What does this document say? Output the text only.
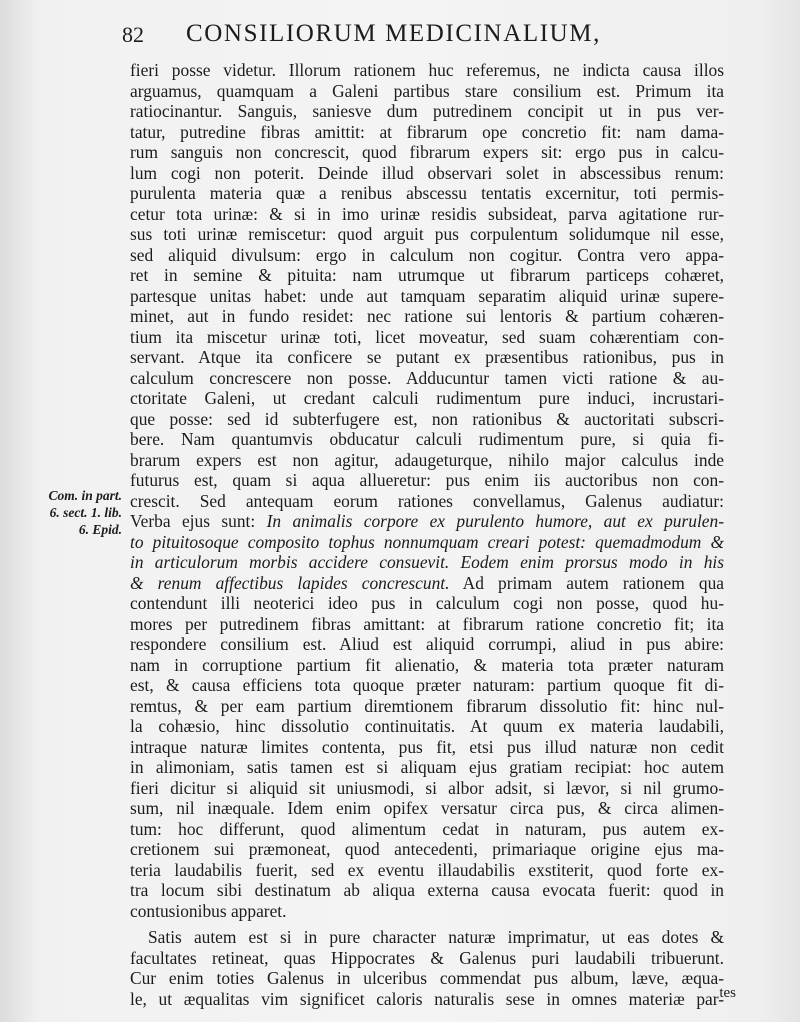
82 CONSILIORUM MEDICINALIUM,
Com. in part.
6. sect. 1. lib.
6. Epid.
fieri posse videtur. Illorum rationem huc referemus, ne indicta causa illos
arguamus, quamquam a Galeni partibus stare consilium est. Primum ita
ratiocinantur. Sanguis, saniesve dum putredinem concipit ut in pus ver-
tatur, putredine fibras amittit: at fibrarum ope concretio fit: nam dama-
rum sanguis non concrescit, quod fibrarum expers sit: ergo pus in calcu-
lum cogi non poterit. Deinde illud observari solet in abscessibus renum:
purulenta materia quæ a renibus abscessu tentatis excernitur, toti permis-
cetur tota urinæ: & si in imo urinæ residis subsideat, parva agitatione rur-
sus toti urinæ remiscetur: quod arguit pus corpulentum solidumque nil esse,
sed aliquid divulsum: ergo in calculum non cogitur. Contra vero appa-
ret in semine & pituita: nam utrumque ut fibrarum particeps cohæret,
partesque unitas habet: unde aut tamquam separatim aliquid urinæ supere-
minet, aut in fundo residet: nec ratione sui lentoris & partium cohæren-
tium ita miscetur urinæ toti, licet moveatur, sed suam cohærentiam con-
servant. Atque ita conficere se putant ex præsentibus rationibus, pus in
calculum concrescere non posse. Adducuntur tamen victi ratione & au-
ctoritate Galeni, ut credant calculi rudimentum pure induci, incrustari-
que posse: sed id subterfugere est, non rationibus & auctoritati subscri-
bere. Nam quantumvis obducatur calculi rudimentum pure, si quia fi-
brarum expers est non agitur, adaugeturque, nihilo major calculus inde
futurus est, quam si aqua allueretur: pus enim iis auctoribus non con-
crescit. Sed antequam eorum rationes convellamus, Galenus audiatur:
Verba ejus sunt: In animalis corpore ex purulento humore, aut ex purulen-
to pituitosoque composito tophus nonnumquam creari potest: quemadmodum &
in articulorum morbis accidere consuevit. Eodem enim prorsus modo in his
& renum affectibus lapides concrescunt. Ad primam autem rationem qua
contendunt illi neoterici ideo pus in calculum cogi non posse, quod hu-
mores per putredinem fibras amittant: at fibrarum ratione concretio fit; ita
respondere consilium est. Aliud est aliquid corrumpi, aliud in pus abire:
nam in corruptione partium fit alienatio, & materia tota præter naturam
est, & causa efficiens tota quoque præter naturam: partium quoque fit di-
remtus, & per eam partium diremtionem fibrarum dissolutio fit: hinc nul-
la cohæsio, hinc dissolutio continuitatis. At quum ex materia laudabili,
intraque naturæ limites contenta, pus fit, etsi pus illud naturæ non cedit
in alimoniam, satis tamen est si aliquam ejus gratiam recipiat: hoc autem
fieri dicitur si aliquid sit uniusmodi, si albor adsit, si lævor, si nil grumo-
sum, nil inæquale. Idem enim opifex versatur circa pus, & circa alimen-
tum: hoc differunt, quod alimentum cedat in naturam, pus autem ex-
cretionem sui præmoneat, quod antecedenti, primariaque origine ejus ma-
teria laudabilis fuerit, sed ex eventu illaudabilis exstiterit, quod forte ex-
tra locum sibi destinatum ab aliqua externa causa evocata fuerit: quod in
contusionibus apparet.
Satis autem est si in pure character naturæ imprimatur, ut eas dotes &
facultates retineat, quas Hippocrates & Galenus puri laudabili tribuerunt.
Cur enim toties Galenus in ulceribus commendat pus album, læve, æqua-
le, ut æqualitas vim significet caloris naturalis sese in omnes materiæ par-
tes
